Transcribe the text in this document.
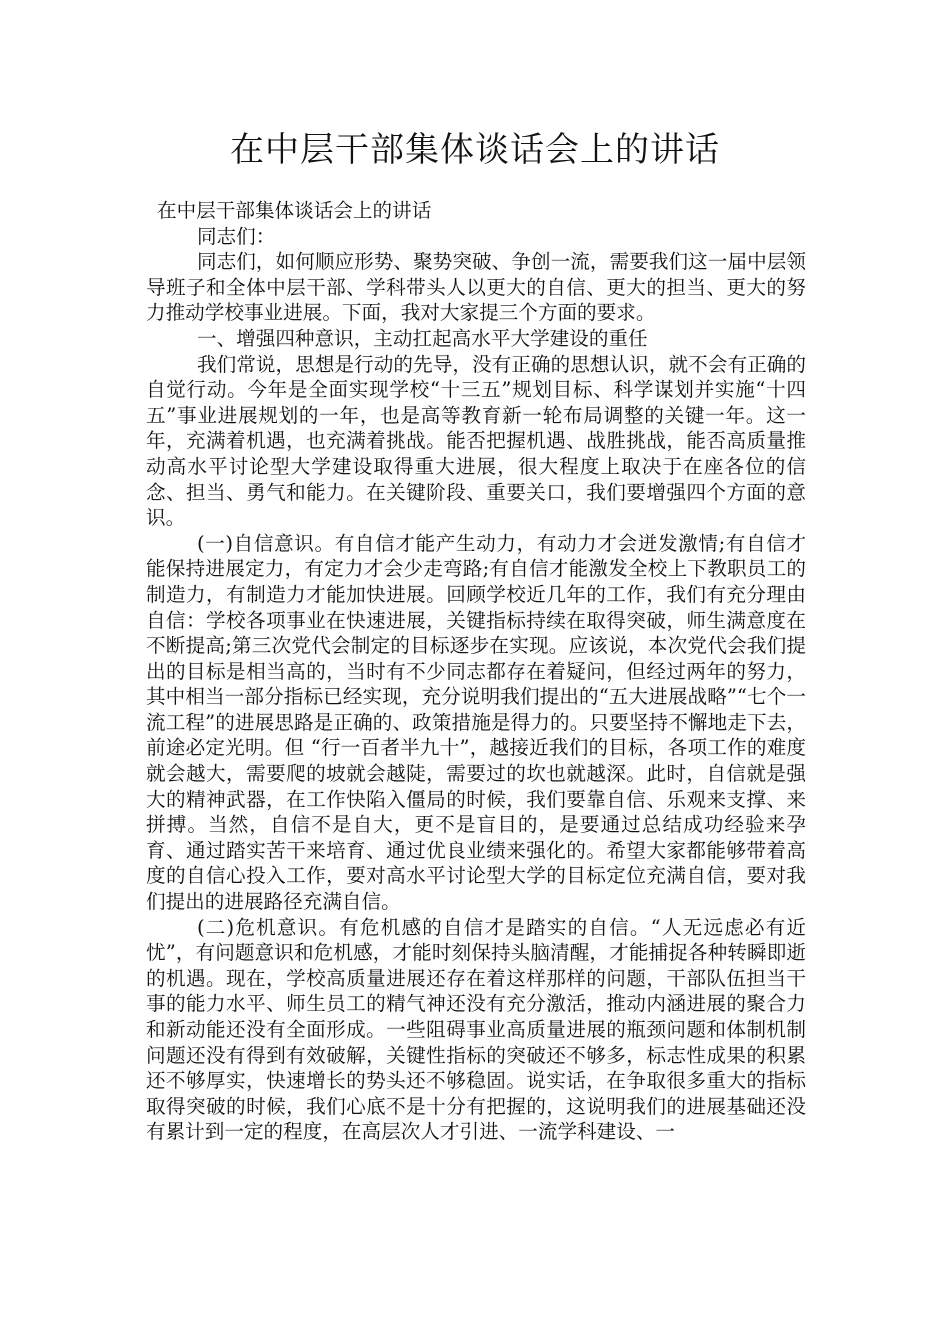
在中层干部集体谈话会上的讲话

在中层干部集体谈话会上的讲话

同志们：

同志们，如何顺应形势、聚势突破、争创一流，需要我们这一届中层领导班子和全体中层干部、学科带头人以更大的自信、更大的担当、更大的努力推动学校事业进展。下面，我对大家提三个方面的要求。

一、增强四种意识，主动扛起高水平大学建设的重任

我们常说，思想是行动的先导，没有正确的思想认识，就不会有正确的自觉行动。今年是全面实现学校“十三五”规划目标、科学谋划并实施“十四五”事业进展规划的一年，也是高等教育新一轮布局调整的关键一年。这一年，充满着机遇，也充满着挑战。能否把握机遇、战胜挑战，能否高质量推动高水平讨论型大学建设取得重大进展，很大程度上取决于在座各位的信念、担当、勇气和能力。在关键阶段、重要关口，我们要增强四个方面的意识。

(一)自信意识。有自信才能产生动力，有动力才会迸发激情;有自信才能保持进展定力，有定力才会少走弯路;有自信才能激发全校上下教职员工的制造力，有制造力才能加快进展。回顾学校近几年的工作，我们有充分理由自信：学校各项事业在快速进展，关键指标持续在取得突破，师生满意度在不断提高;第三次党代会制定的目标逐步在实现。应该说，本次党代会我们提出的目标是相当高的，当时有不少同志都存在着疑问，但经过两年的努力，其中相当一部分指标已经实现，充分说明我们提出的“五大进展战略”“七个一流工程”的进展思路是正确的、政策措施是得力的。只要坚持不懈地走下去，前途必定光明。但 “行一百者半九十”，越接近我们的目标，各项工作的难度就会越大，需要爬的坡就会越陡，需要过的坎也就越深。此时，自信就是强大的精神武器，在工作快陷入僵局的时候，我们要靠自信、乐观来支撑、来拼搏。当然，自信不是自大，更不是盲目的，是要通过总结成功经验来孕育、通过踏实苦干来培育、通过优良业绩来强化的。希望大家都能够带着高度的自信心投入工作，要对高水平讨论型大学的目标定位充满自信，要对我们提出的进展路径充满自信。

(二)危机意识。有危机感的自信才是踏实的自信。“人无远虑必有近忧”，有问题意识和危机感，才能时刻保持头脑清醒，才能捕捉各种转瞬即逝的机遇。现在，学校高质量进展还存在着这样那样的问题，干部队伍担当干事的能力水平、师生员工的精气神还没有充分激活，推动内涵进展的聚合力和新动能还没有全面形成。一些阻碍事业高质量进展的瓶颈问题和体制机制问题还没有得到有效破解，关键性指标的突破还不够多，标志性成果的积累还不够厚实，快速增长的势头还不够稳固。说实话，在争取很多重大的指标取得突破的时候，我们心底不是十分有把握的，这说明我们的进展基础还没有累计到一定的程度，在高层次人才引进、一流学科建设、一
